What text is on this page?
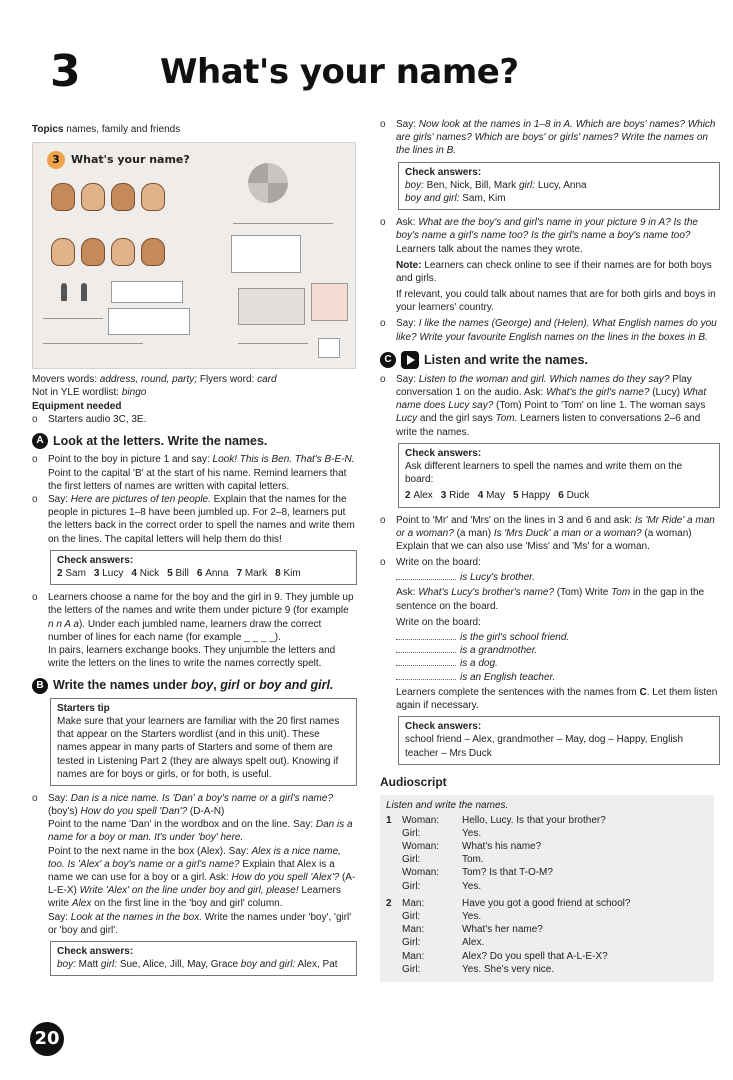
3 What's your name?

Topics names, family and friends

3	What's your name?

Movers words: address, round, party; Flyers word: card

Not in YLE wordlist: bingo

Equipment needed

o	Starters audio 3C, 3E.
A Look at the letters. Write the names.
o	Point to the boy in picture 1 and say: Look! This is Ben. That's B-E-N. Point to the capital 'B' at the start of his name. Remind learners that the first letters of names are written with capital letters.
o	Say: Here are pictures of ten people. Explain that the names for the people in pictures 1–8 have been jumbled up. For 2–8, learners put the letters back in the correct order to spell the names and write them on the lines. The capital letters will help them do this!
Check answers:
2 Sam 3 Lucy 4 Nick 5 Bill 6 Anna 7 Mark 8 Kim
o	Learners choose a name for the boy and the girl in 9. They jumble up the letters of the names and write them under picture 9 (for example n n A a). Under each jumbled name, learners draw the correct number of lines for each name (for example _ _ _ _).
In pairs, learners exchange books. They unjumble the letters and write the letters on the lines to write the names correctly spelt.
B Write the names under boy, girl or boy and girl.
Starters tip
Make sure that your learners are familiar with the 20 first names that appear on the Starters wordlist (and in this unit). These names appear in many parts of Starters and some of them are tested in Listening Part 2 (they are always spelt out). Knowing if names are for boys or girls, or for both, is useful.
o	Say: Dan is a nice name. Is 'Dan' a boy's name or a girl's name? (boy's) How do you spell 'Dan'? (D-A-N)
Point to the name 'Dan' in the wordbox and on the line. Say: Dan is a name for a boy or man. It's under 'boy' here.
Point to the next name in the box (Alex). Say: Alex is a nice name, too. Is 'Alex' a boy's name or a girl's name? Explain that Alex is a name we can use for a boy or a girl. Ask: How do you spell 'Alex'? (A-L-E-X) Write 'Alex' on the line under boy and girl, please! Learners write Alex on the first line in the 'boy and girl' column.
Say: Look at the names in the box. Write the names under 'boy', 'girl' or 'boy and girl'.
Check answers:
boy: Matt girl: Sue, Alice, Jill, May, Grace boy and girl: Alex, Pat
o	Say: Now look at the names in 1–8 in A. Which are boys' names? Which are girls' names? Which are boys' or girls' names? Write the names on the lines in B.
Check answers:
boy: Ben, Nick, Bill, Mark girl: Lucy, Anna
boy and girl: Sam, Kim
o	Ask: What are the boy's and girl's name in your picture 9 in A? Is the boy's name a girl's name too? Is the girl's name a boy's name too? Learners talk about the names they wrote.
Note: Learners can check online to see if their names are for both boys and girls.
If relevant, you could talk about names that are for both girls and boys in your learners' country.
o	Say: I like the names (George) and (Helen). What English names do you like? Write your favourite English names on the lines in the boxes in B.
C	Listen and write the names.
o	Say: Listen to the woman and girl. Which names do they say? Play conversation 1 on the audio. Ask: What's the girl's name? (Lucy) What name does Lucy say? (Tom) Point to 'Tom' on line 1. The woman says Lucy and the girl says Tom. Learners listen to conversations 2–6 and write the names.
Check answers:
Ask different learners to spell the names and write them on the board:
2 Alex 3 Ride 4 May 5 Happy 6 Duck
o	Point to 'Mr' and 'Mrs' on the lines in 3 and 6 and ask: Is 'Mr Ride' a man or a woman? (a man) Is 'Mrs Duck' a man or a woman? (a woman) Explain that we can also use 'Miss' and 'Ms' for a woman.
o	Write on the board:
is Lucy's brother.
Ask: What's Lucy's brother's name? (Tom) Write Tom in the gap in the sentence on the board.
Write on the board:
is the girl's school friend.
is a grandmother.
is a dog.
is an English teacher.
Learners complete the sentences with the names from C. Let them listen again if necessary.
Check answers:
school friend – Alex, grandmother – May, dog – Happy, English teacher – Mrs Duck
Audioscript
Listen and write the names.
1	Woman:	Hello, Lucy. Is that your brother?
Girl:	Yes.
Woman:	What's his name?
Girl:	Tom.
Woman:	Tom? Is that T-O-M?
Girl:	Yes.
2	Man:	Have you got a good friend at school?
Girl:	Yes.
Man:	What's her name?
Girl:	Alex.
Man:	Alex? Do you spell that A-L-E-X?
Girl:	Yes. She's very nice.
20
